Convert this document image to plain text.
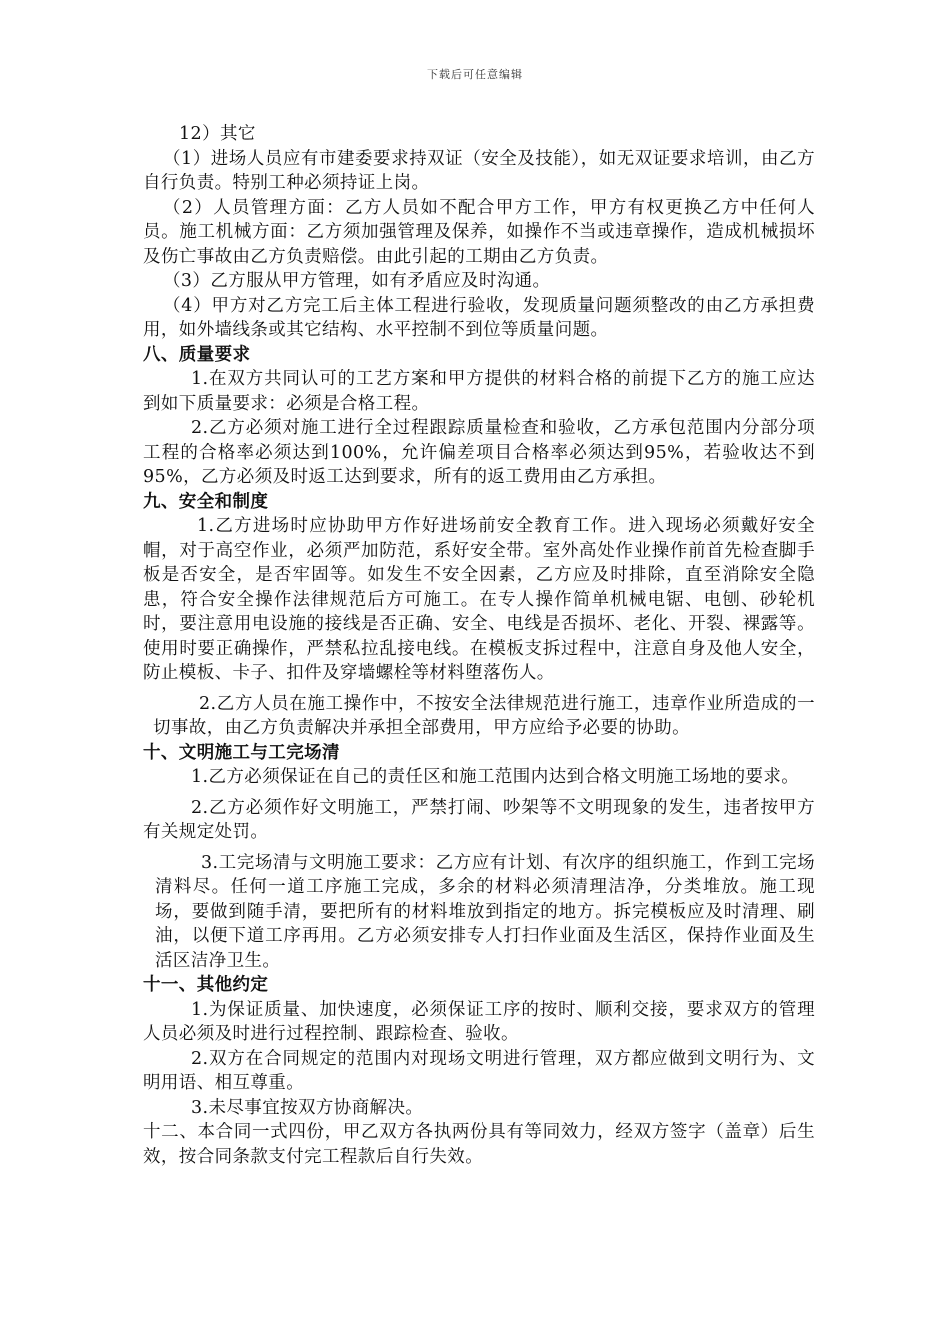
下载后可任意编辑

12）其它

（1）进场人员应有市建委要求持双证（安全及技能），如无双证要求培训，由乙方自行负责。特别工种必须持证上岗。

（2）人员管理方面：乙方人员如不配合甲方工作，甲方有权更换乙方中任何人员。施工机械方面：乙方须加强管理及保养，如操作不当或违章操作，造成机械损坏及伤亡事故由乙方负责赔偿。由此引起的工期由乙方负责。

（3）乙方服从甲方管理，如有矛盾应及时沟通。

（4）甲方对乙方完工后主体工程进行验收，发现质量问题须整改的由乙方承担费用，如外墙线条或其它结构、水平控制不到位等质量问题。

八、质量要求

1.在双方共同认可的工艺方案和甲方提供的材料合格的前提下乙方的施工应达到如下质量要求：必须是合格工程。

2.乙方必须对施工进行全过程跟踪质量检查和验收，乙方承包范围内分部分项工程的合格率必须达到100%，允许偏差项目合格率必须达到95%，若验收达不到95%，乙方必须及时返工达到要求，所有的返工费用由乙方承担。

九、安全和制度

1.乙方进场时应协助甲方作好进场前安全教育工作。进入现场必须戴好安全帽，对于高空作业，必须严加防范，系好安全带。室外高处作业操作前首先检查脚手板是否安全，是否牢固等。如发生不安全因素，乙方应及时排除，直至消除安全隐患，符合安全操作法律规范后方可施工。在专人操作简单机械电锯、电刨、砂轮机时，要注意用电设施的接线是否正确、安全、电线是否损坏、老化、开裂、裸露等。使用时要正确操作，严禁私拉乱接电线。在模板支拆过程中，注意自身及他人安全，防止模板、卡子、扣件及穿墙螺栓等材料堕落伤人。

2.乙方人员在施工操作中，不按安全法律规范进行施工，违章作业所造成的一切事故，由乙方负责解决并承担全部费用，甲方应给予必要的协助。

十、文明施工与工完场清

1.乙方必须保证在自己的责任区和施工范围内达到合格文明施工场地的要求。

2.乙方必须作好文明施工，严禁打闹、吵架等不文明现象的发生，违者按甲方有关规定处罚。

3.工完场清与文明施工要求：乙方应有计划、有次序的组织施工，作到工完场清料尽。任何一道工序施工完成，多余的材料必须清理洁净，分类堆放。施工现场，要做到随手清，要把所有的材料堆放到指定的地方。拆完模板应及时清理、刷油，以便下道工序再用。乙方必须安排专人打扫作业面及生活区，保持作业面及生活区洁净卫生。

十一、其他约定

1.为保证质量、加快速度，必须保证工序的按时、顺利交接，要求双方的管理人员必须及时进行过程控制、跟踪检查、验收。

2.双方在合同规定的范围内对现场文明进行管理，双方都应做到文明行为、文明用语、相互尊重。

3.未尽事宜按双方协商解决。

十二、本合同一式四份，甲乙双方各执两份具有等同效力，经双方签字（盖章）后生效，按合同条款支付完工程款后自行失效。
